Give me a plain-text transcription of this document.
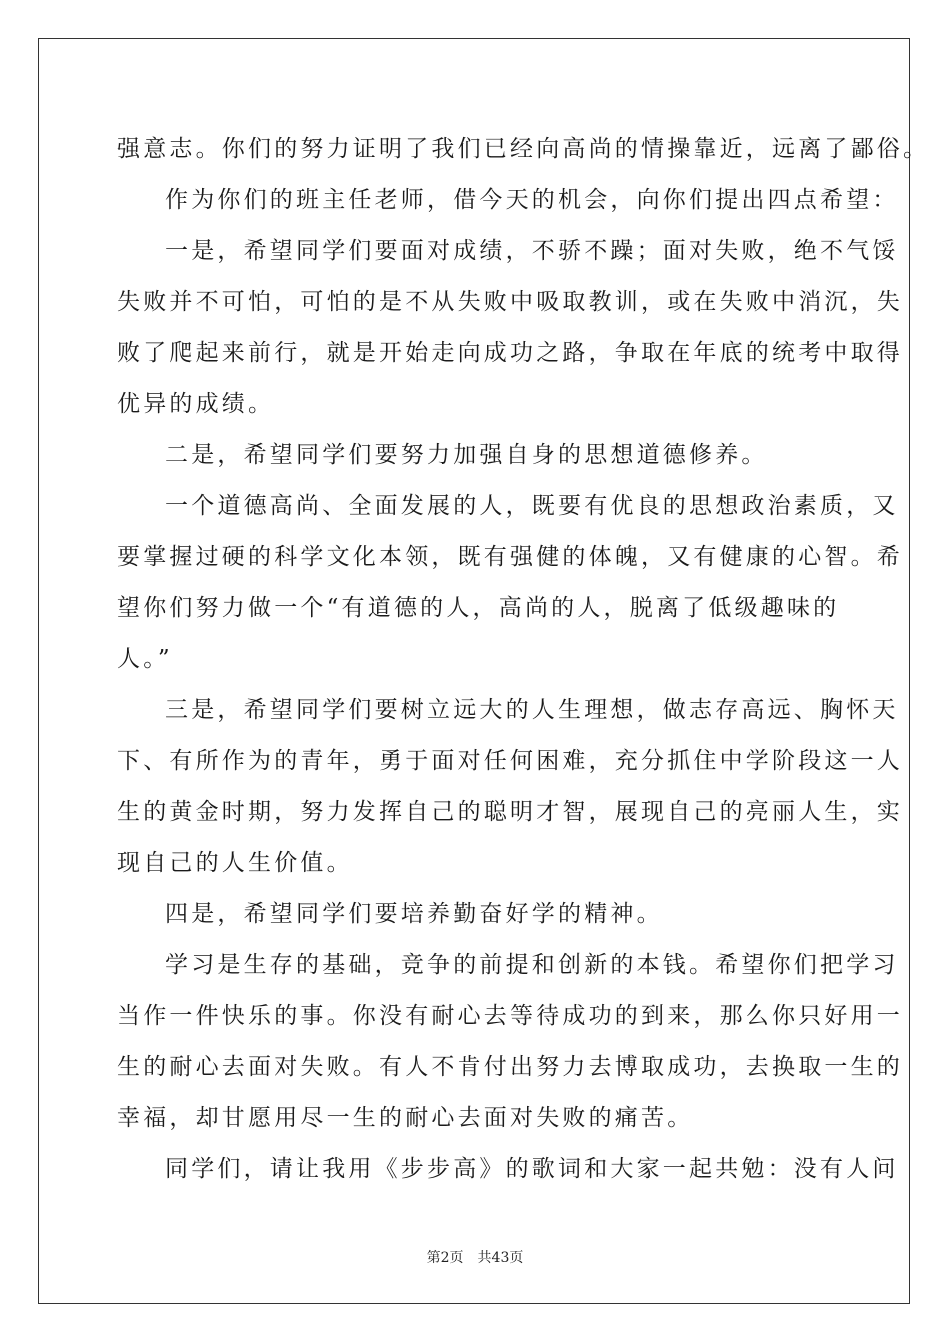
强意志。你们的努力证明了我们已经向高尚的情操靠近，远离了鄙俗。

作为你们的班主任老师，借今天的机会，向你们提出四点希望：

一是，希望同学们要面对成绩，不骄不躁；面对失败，绝不气馁

失败并不可怕，可怕的是不从失败中吸取教训，或在失败中消沉，失

败了爬起来前行，就是开始走向成功之路，争取在年底的统考中取得

优异的成绩。

二是，希望同学们要努力加强自身的思想道德修养。

一个道德高尚、全面发展的人，既要有优良的思想政治素质，又

要掌握过硬的科学文化本领，既有强健的体魄，又有健康的心智。希

望你们努力做一个“有道德的人，高尚的人，脱离了低级趣味的

人。”

三是，希望同学们要树立远大的人生理想，做志存高远、胸怀天

下、有所作为的青年，勇于面对任何困难，充分抓住中学阶段这一人

生的黄金时期，努力发挥自己的聪明才智，展现自己的亮丽人生，实

现自己的人生价值。

四是，希望同学们要培养勤奋好学的精神。

学习是生存的基础，竞争的前提和创新的本钱。希望你们把学习

当作一件快乐的事。你没有耐心去等待成功的到来，那么你只好用一

生的耐心去面对失败。有人不肯付出努力去博取成功，去换取一生的

幸福，却甘愿用尽一生的耐心去面对失败的痛苦。

同学们，请让我用《步步高》的歌词和大家一起共勉：没有人问

第2页 共43页
